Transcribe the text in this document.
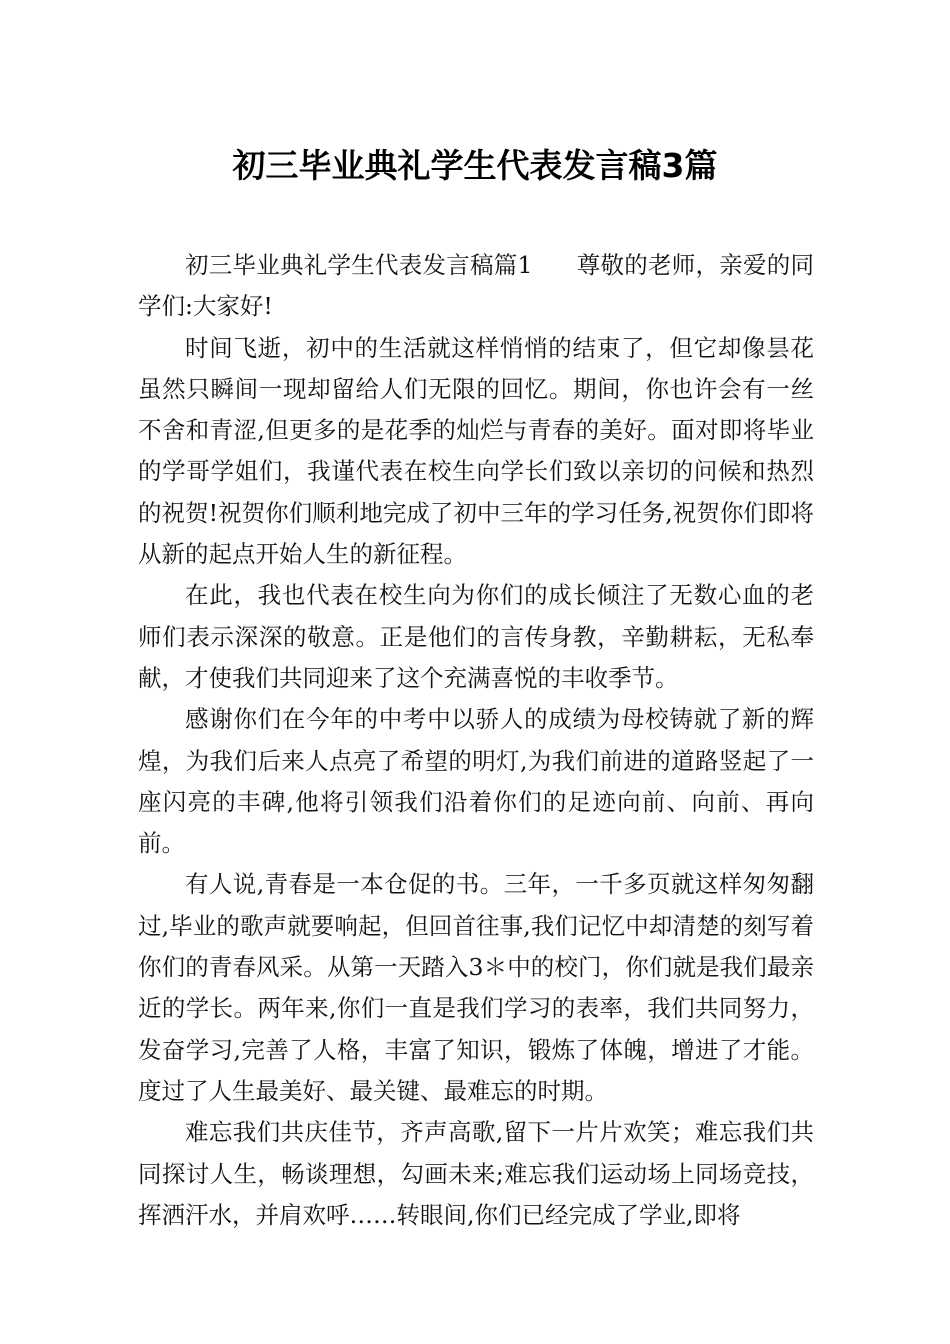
初三毕业典礼学生代表发言稿3篇

初三毕业典礼学生代表发言稿篇1 尊敬的老师，亲爱的同学们:大家好!

时间飞逝，初中的生活就这样悄悄的结束了，但它却像昙花虽然只瞬间一现却留给人们无限的回忆。期间，你也许会有一丝不舍和青涩,但更多的是花季的灿烂与青春的美好。面对即将毕业的学哥学姐们，我谨代表在校生向学长们致以亲切的问候和热烈的祝贺!祝贺你们顺利地完成了初中三年的学习任务,祝贺你们即将从新的起点开始人生的新征程。

在此，我也代表在校生向为你们的成长倾注了无数心血的老师们表示深深的敬意。正是他们的言传身教，辛勤耕耘，无私奉献，才使我们共同迎来了这个充满喜悦的丰收季节。

感谢你们在今年的中考中以骄人的成绩为母校铸就了新的辉煌，为我们后来人点亮了希望的明灯,为我们前进的道路竖起了一座闪亮的丰碑,他将引领我们沿着你们的足迹向前、向前、再向前。

有人说,青春是一本仓促的书。三年，一千多页就这样匆匆翻过,毕业的歌声就要响起，但回首往事,我们记忆中却清楚的刻写着你们的青春风采。从第一天踏入3＊中的校门，你们就是我们最亲近的学长。两年来,你们一直是我们学习的表率，我们共同努力，发奋学习,完善了人格，丰富了知识，锻炼了体魄，增进了才能。度过了人生最美好、最关键、最难忘的时期。

难忘我们共庆佳节，齐声高歌,留下一片片欢笑；难忘我们共同探讨人生，畅谈理想，勾画未来;难忘我们运动场上同场竞技，挥洒汗水，并肩欢呼……转眼间,你们已经完成了学业,即将
